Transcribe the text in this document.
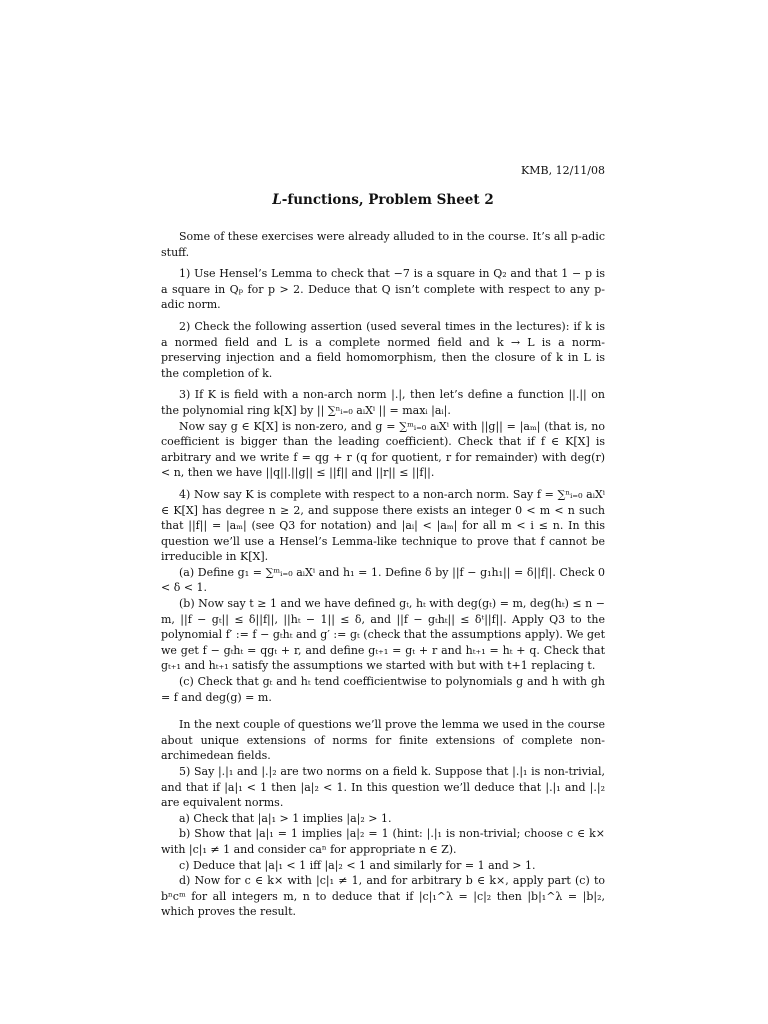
KMB, 12/11/08
L-functions, Problem Sheet 2

Some of these exercises were already alluded to in the course. It’s all p-adic stuff.

1) Use Hensel’s Lemma to check that −7 is a square in Q₂ and that 1 − p is a square in Qₚ for p > 2. Deduce that Q isn’t complete with respect to any p-adic norm.

2) Check the following assertion (used several times in the lectures): if k is a normed field and L is a complete normed field and k → L is a norm-preserving injection and a field homomorphism, then the closure of k in L is the completion of k.

3) If K is field with a non-arch norm |.|, then let’s define a function ||.|| on the polynomial ring k[X] by || ∑ⁿᵢ₌₀ aᵢXⁱ || = maxᵢ |aᵢ|.

Now say g ∈ K[X] is non-zero, and g = ∑ᵐᵢ₌₀ aᵢXⁱ with ||g|| = |aₘ| (that is, no coefficient is bigger than the leading coefficient). Check that if f ∈ K[X] is arbitrary and we write f = qg + r (q for quotient, r for remainder) with deg(r) < n, then we have ||q||.||g|| ≤ ||f|| and ||r|| ≤ ||f||.

4) Now say K is complete with respect to a non-arch norm. Say f = ∑ⁿᵢ₌₀ aᵢXⁱ ∈ K[X] has degree n ≥ 2, and suppose there exists an integer 0 < m < n such that ||f|| = |aₘ| (see Q3 for notation) and |aᵢ| < |aₘ| for all m < i ≤ n. In this question we’ll use a Hensel’s Lemma-like technique to prove that f cannot be irreducible in K[X].

(a) Define g₁ = ∑ᵐᵢ₌₀ aᵢXⁱ and h₁ = 1. Define δ by ||f − g₁h₁|| = δ||f||. Check 0 < δ < 1.

(b) Now say t ≥ 1 and we have defined gₜ, hₜ with deg(gₜ) = m, deg(hₜ) ≤ n − m, ||f − gₜ|| ≤ δ||f||, ||hₜ − 1|| ≤ δ, and ||f − gₜhₜ|| ≤ δᵗ||f||. Apply Q3 to the polynomial f′ := f − gₜhₜ and g′ := gₜ (check that the assumptions apply). We get we get f − gₜhₜ = qgₜ + r, and define gₜ₊₁ = gₜ + r and hₜ₊₁ = hₜ + q. Check that gₜ₊₁ and hₜ₊₁ satisfy the assumptions we started with but with t+1 replacing t.

(c) Check that gₜ and hₜ tend coefficientwise to polynomials g and h with gh = f and deg(g) = m.

In the next couple of questions we’ll prove the lemma we used in the course about unique extensions of norms for finite extensions of complete non-archimedean fields.

5) Say |.|₁ and |.|₂ are two norms on a field k. Suppose that |.|₁ is non-trivial, and that if |a|₁ < 1 then |a|₂ < 1. In this question we’ll deduce that |.|₁ and |.|₂ are equivalent norms.

a) Check that |a|₁ > 1 implies |a|₂ > 1.

b) Show that |a|₁ = 1 implies |a|₂ = 1 (hint: |.|₁ is non-trivial; choose c ∈ k× with |c|₁ ≠ 1 and consider caⁿ for appropriate n ∈ Z).

c) Deduce that |a|₁ < 1 iff |a|₂ < 1 and similarly for = 1 and > 1.

d) Now for c ∈ k× with |c|₁ ≠ 1, and for arbitrary b ∈ k×, apply part (c) to bⁿcᵐ for all integers m, n to deduce that if |c|₁^λ = |c|₂ then |b|₁^λ = |b|₂, which proves the result.
